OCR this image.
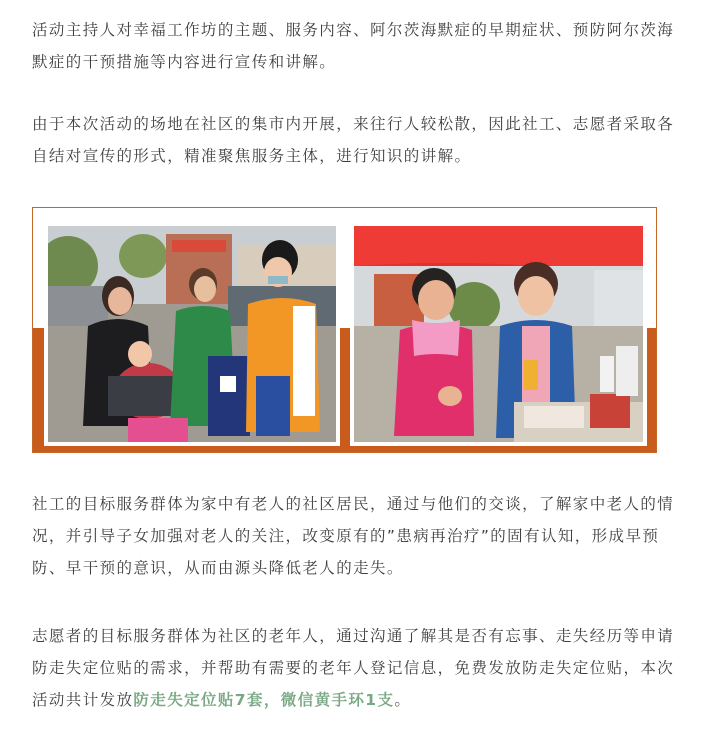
活动主持人对幸福工作坊的主题、服务内容、阿尔茨海默症的早期症状、预防阿尔茨海默症的干预措施等内容进行宣传和讲解。

由于本次活动的场地在社区的集市内开展，来往行人较松散，因此社工、志愿者采取各自结对宣传的形式，精准聚焦服务主体，进行知识的讲解。

社工的目标服务群体为家中有老人的社区居民，通过与他们的交谈，了解家中老人的情况，并引导子女加强对老人的关注，改变原有的”患病再治疗”的固有认知，形成早预防、早干预的意识，从而由源头降低老人的走失。

志愿者的目标服务群体为社区的老年人，通过沟通了解其是否有忘事、走失经历等申请防走失定位贴的需求，并帮助有需要的老年人登记信息，免费发放防走失定位贴，本次活动共计发放防走失定位贴7套，微信黄手环1支。
